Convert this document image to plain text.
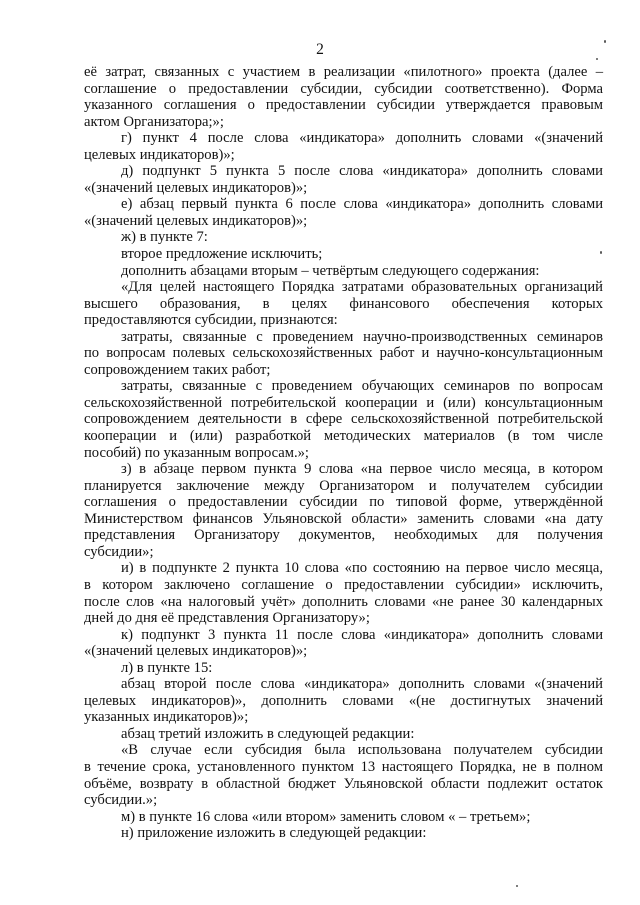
2
её затрат, связанных с участием в реализации «пилотного» проекта (далее –
соглашение о предоставлении субсидии, субсидии соответственно). Форма
указанного соглашения о предоставлении субсидии утверждается правовым
актом Организатора;»;
г) пункт 4 после слова «индикатора» дополнить словами «(значений
целевых индикаторов)»;
д) подпункт 5 пункта 5 после слова «индикатора» дополнить словами
«(значений целевых индикаторов)»;
е) абзац первый пункта 6 после слова «индикатора» дополнить словами
«(значений целевых индикаторов)»;
ж) в пункте 7:
второе предложение исключить;
дополнить абзацами вторым – четвёртым следующего содержания:
«Для целей настоящего Порядка затратами образовательных организаций
высшего образования, в целях финансового обеспечения которых
предоставляются субсидии, признаются:
затраты, связанные с проведением научно-производственных семинаров
по вопросам полевых сельскохозяйственных работ и научно-консультационным
сопровождением таких работ;
затраты, связанные с проведением обучающих семинаров по вопросам
сельскохозяйственной потребительской кооперации и (или) консультационным
сопровождением деятельности в сфере сельскохозяйственной потребительской
кооперации и (или) разработкой методических материалов (в том числе
пособий) по указанным вопросам.»;
з) в абзаце первом пункта 9 слова «на первое число месяца, в котором
планируется заключение между Организатором и получателем субсидии
соглашения о предоставлении субсидии по типовой форме, утверждённой
Министерством финансов Ульяновской области» заменить словами «на дату
представления Организатору документов, необходимых для получения
субсидии»;
и) в подпункте 2 пункта 10 слова «по состоянию на первое число месяца,
в котором заключено соглашение о предоставлении субсидии» исключить,
после слов «на налоговый учёт» дополнить словами «не ранее 30 календарных
дней до дня её представления Организатору»;
к) подпункт 3 пункта 11 после слова «индикатора» дополнить словами
«(значений целевых индикаторов)»;
л) в пункте 15:
абзац второй после слова «индикатора» дополнить словами «(значений
целевых индикаторов)», дополнить словами «(не достигнутых значений
указанных индикаторов)»;
абзац третий изложить в следующей редакции:
«В случае если субсидия была использована получателем субсидии
в течение срока, установленного пунктом 13 настоящего Порядка, не в полном
объёме, возврату в областной бюджет Ульяновской области подлежит остаток
субсидии.»;
м) в пункте 16 слова «или втором» заменить словом « – третьем»;
н) приложение изложить в следующей редакции:
